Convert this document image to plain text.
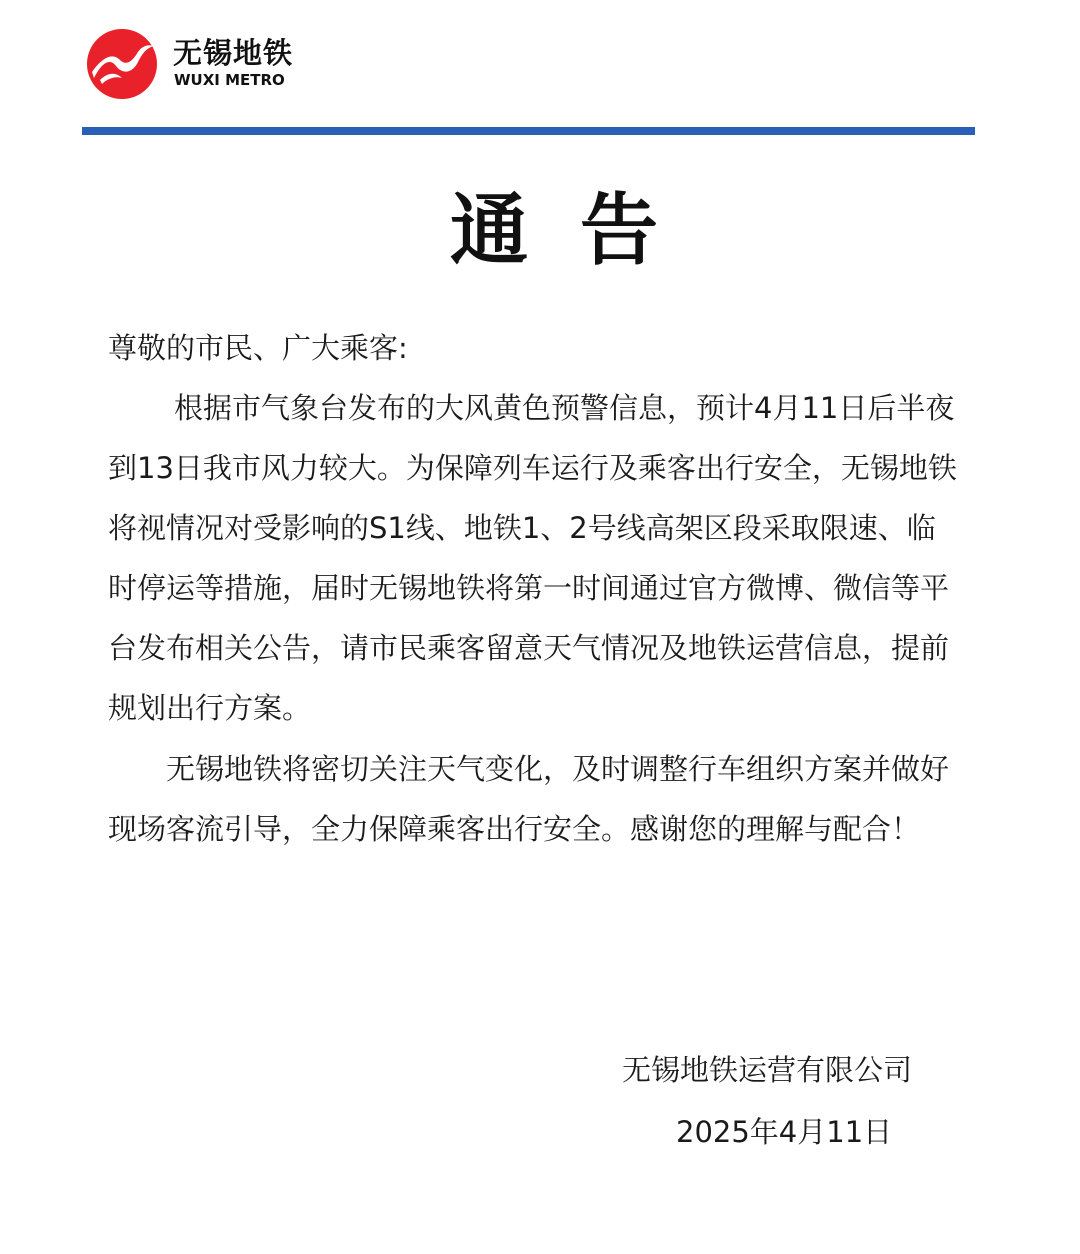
无锡地铁
WUXI METRO
通告
尊敬的市民、广大乘客:
根据市气象台发布的大风黄色预警信息，预计4月11日后半夜到13日我市风力较大。为保障列车运行及乘客出行安全，无锡地铁将视情况对受影响的S1线、地铁1、2号线高架区段采取限速、临时停运等措施，届时无锡地铁将第一时间通过官方微博、微信等平台发布相关公告，请市民乘客留意天气情况及地铁运营信息，提前规划出行方案。
无锡地铁将密切关注天气变化，及时调整行车组织方案并做好现场客流引导，全力保障乘客出行安全。感谢您的理解与配合！
无锡地铁运营有限公司
2025年4月11日
